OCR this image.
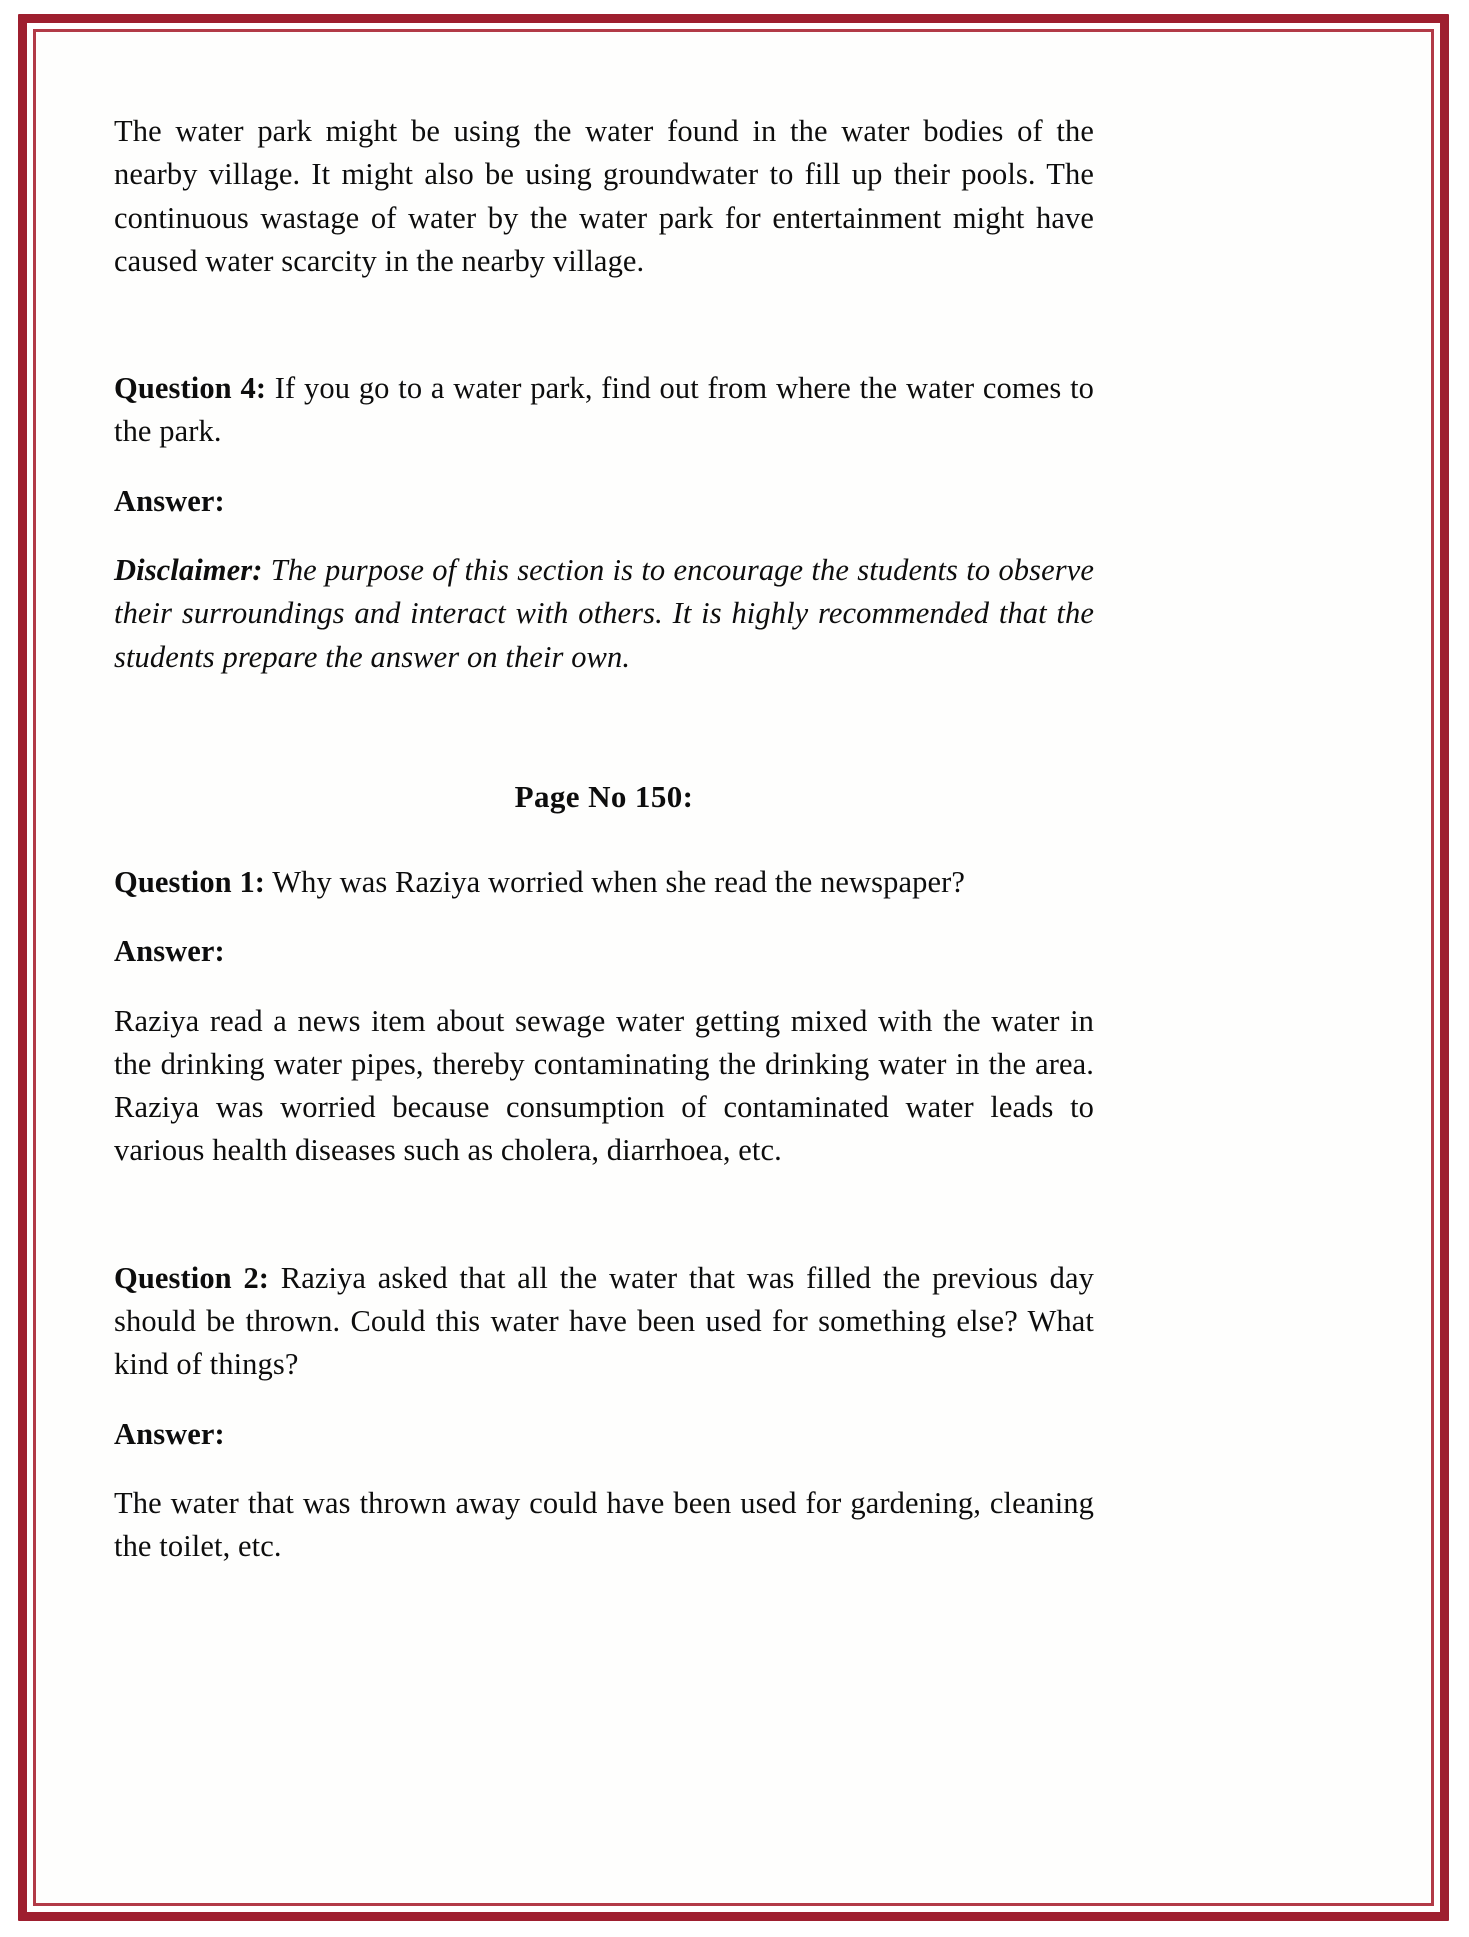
The water park might be using the water found in the water bodies of the nearby village. It might also be using groundwater to fill up their pools. The continuous wastage of water by the water park for entertainment might have caused water scarcity in the nearby village.

Question 4: If you go to a water park, find out from where the water comes to the park.

Answer:

Disclaimer: The purpose of this section is to encourage the students to observe their surroundings and interact with others. It is highly recommended that the students prepare the answer on their own.

Page No 150:

Question 1: Why was Raziya worried when she read the newspaper?

Answer:

Raziya read a news item about sewage water getting mixed with the water in the drinking water pipes, thereby contaminating the drinking water in the area. Raziya was worried because consumption of contaminated water leads to various health diseases such as cholera, diarrhoea, etc.

Question 2: Raziya asked that all the water that was filled the previous day should be thrown. Could this water have been used for something else? What kind of things?

Answer:

The water that was thrown away could have been used for gardening, cleaning the toilet, etc.
